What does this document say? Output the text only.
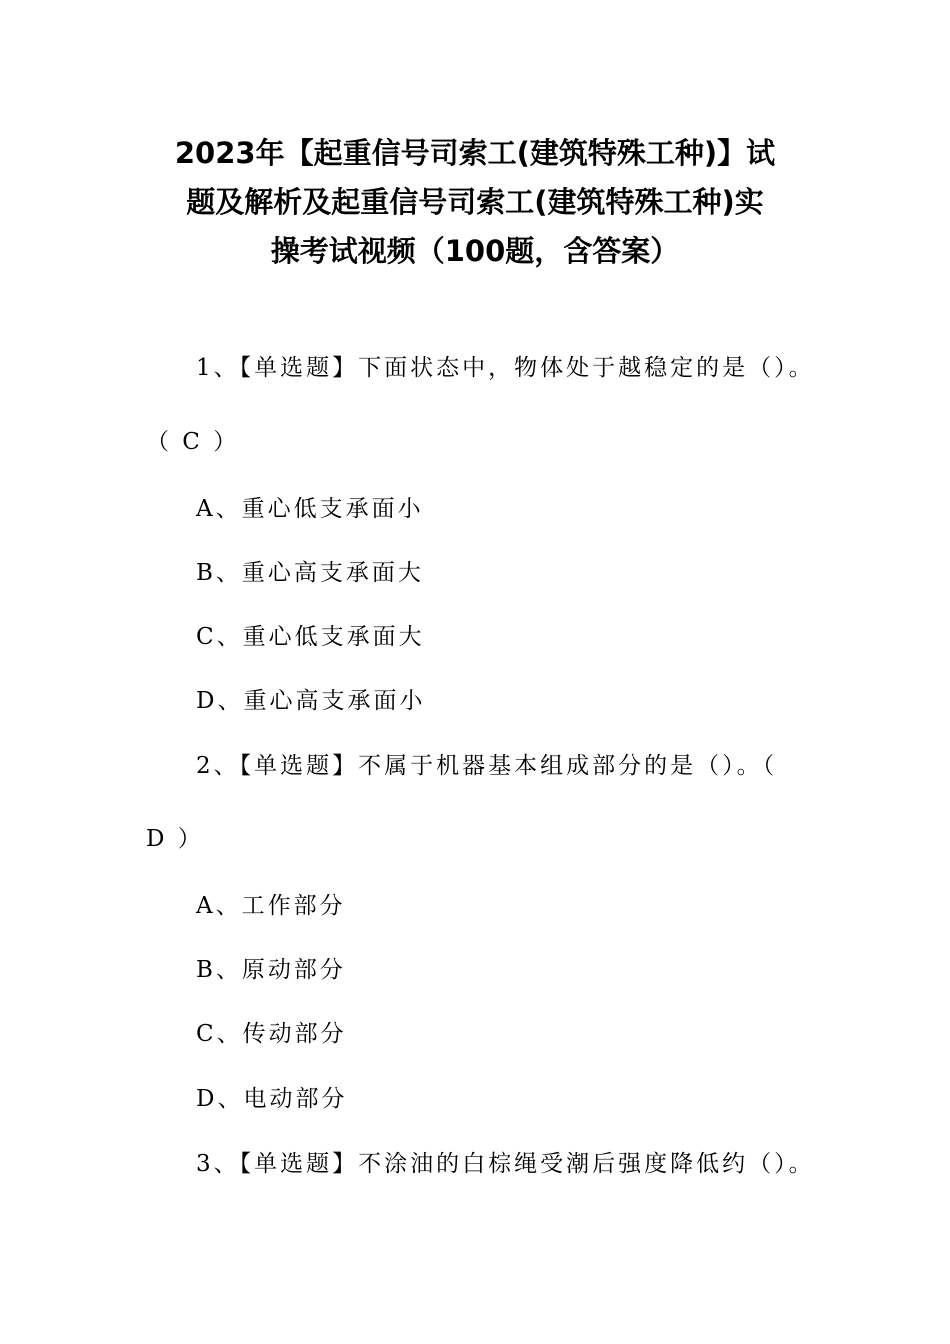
2023年【起重信号司索工(建筑特殊工种)】试
题及解析及起重信号司索工(建筑特殊工种)实
操考试视频（100题，含答案）
1、【单选题】下面状态中，物体处于越稳定的是（）。
（ C ）
A、重心低支承面小
B、重心高支承面大
C、重心低支承面大
D、重心高支承面小
2、【单选题】不属于机器基本组成部分的是（）。（
D ）
A、工作部分
B、原动部分
C、传动部分
D、电动部分
3、【单选题】不涂油的白棕绳受潮后强度降低约（）。
